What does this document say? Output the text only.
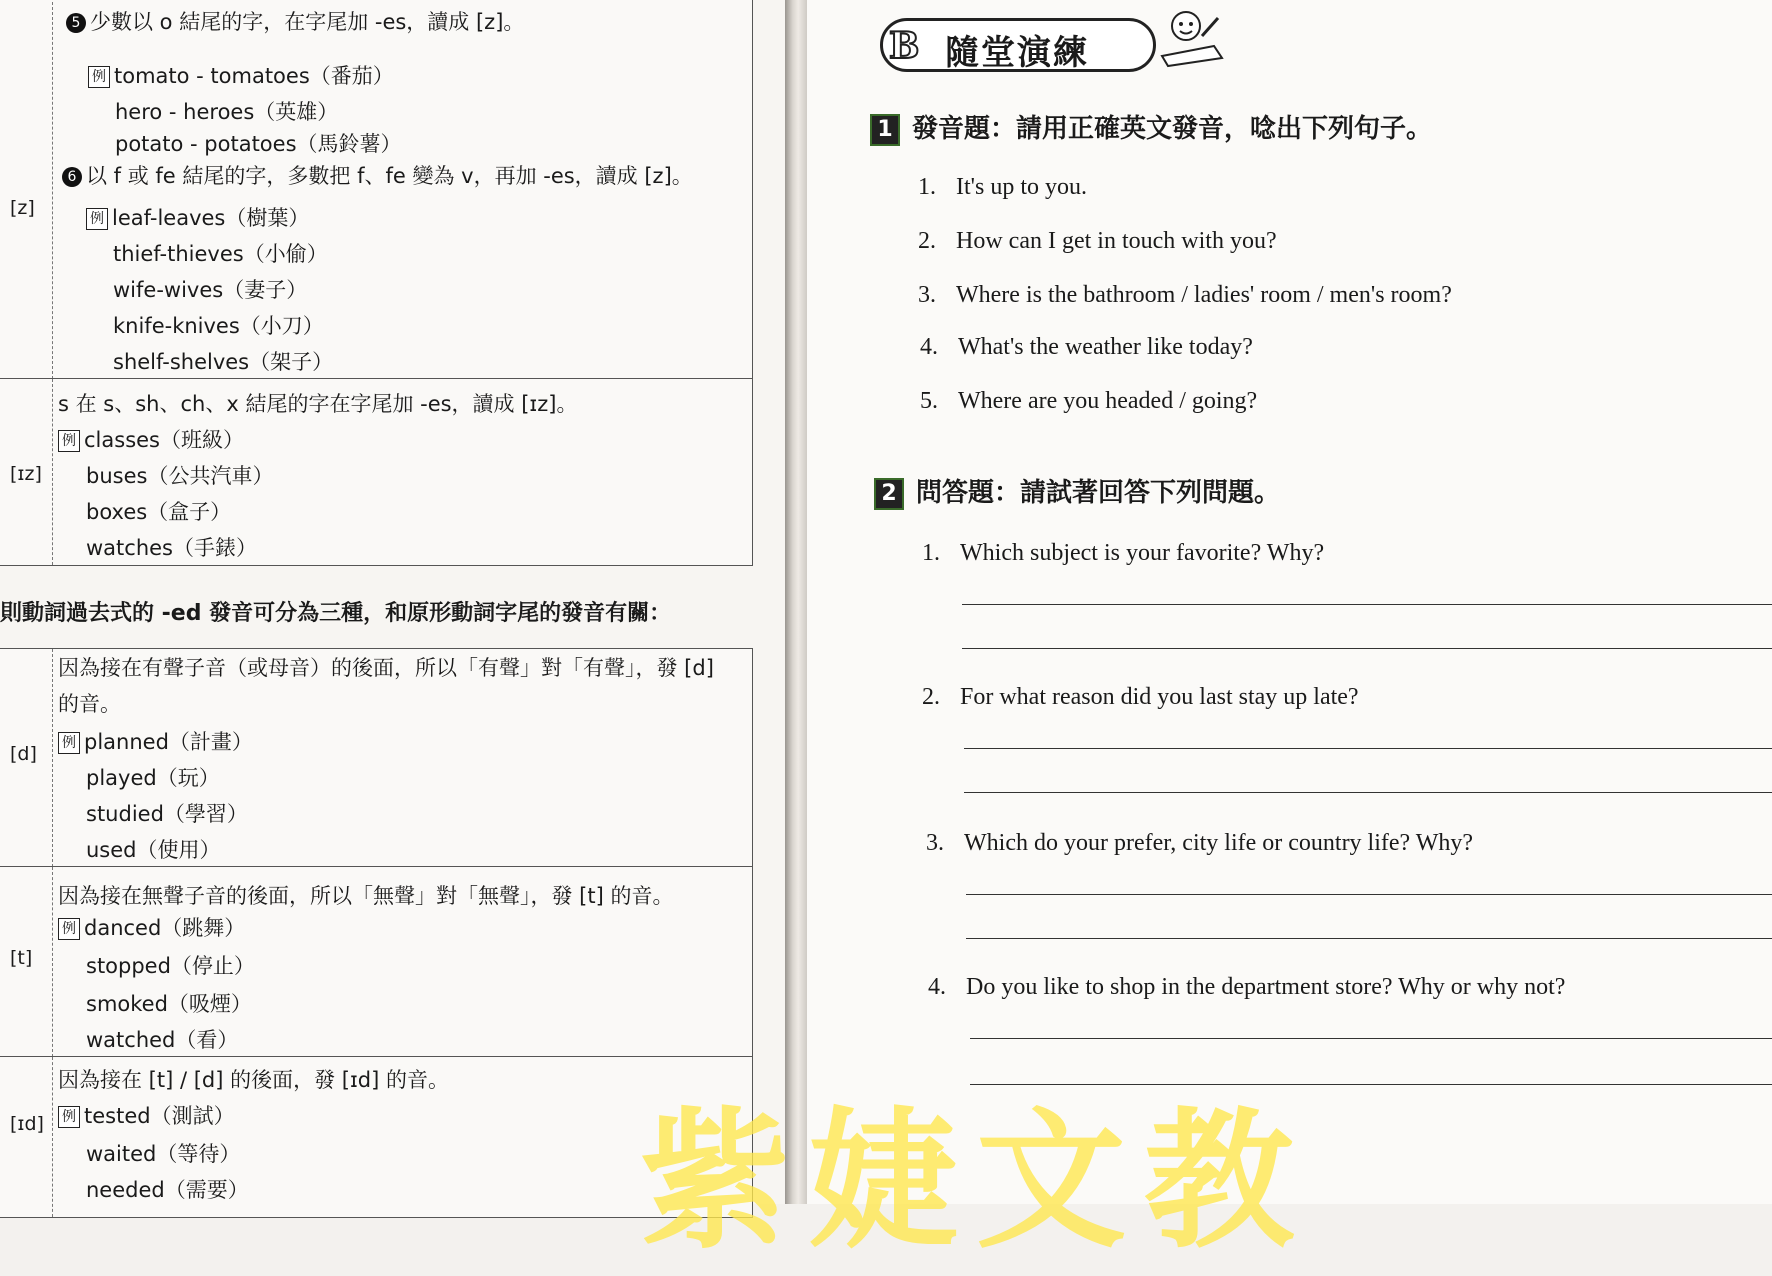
[z]
5 少數以 o 結尾的字，在字尾加 -es，讀成 [z]。
例 tomato - tomatoes（番茄）
hero - heroes（英雄）
potato - potatoes（馬鈴薯）
6 以 f 或 fe 結尾的字，多數把 f、fe 變為 v，再加 -es，讀成 [z]。
例 leaf-leaves（樹葉）
thief-thieves（小偷）
wife-wives（妻子）
knife-knives（小刀）
shelf-shelves（架子）
[ɪz]
s 在 s、sh、ch、x 結尾的字在字尾加 -es，讀成 [ɪz]。
例 classes（班級）
buses（公共汽車）
boxes（盒子）
watches（手錶）
則動詞過去式的 -ed 發音可分為三種，和原形動詞字尾的發音有關：
[d]
因為接在有聲子音（或母音）的後面，所以「有聲」對「有聲」，發 [d]
的音。
例 planned（計畫）
played（玩）
studied（學習）
used（使用）
[t]
因為接在無聲子音的後面，所以「無聲」對「無聲」，發 [t] 的音。
例 danced（跳舞）
stopped（停止）
smoked（吸煙）
watched（看）
[ɪd]
因為接在 [t] / [d] 的後面，發 [ɪd] 的音。
例 tested（測試）
waited（等待）
needed（需要）
B 隨堂演練
1 發音題：請用正確英文發音，唸出下列句子。
1. It's up to you.
2. How can I get in touch with you?
3. Where is the bathroom / ladies' room / men's room?
4. What's the weather like today?
5. Where are you headed / going?
2 問答題：請試著回答下列問題。
1. Which subject is your favorite? Why?
2. For what reason did you last stay up late?
3. Which do your prefer, city life or country life? Why?
4. Do you like to shop in the department store? Why or why not?
紫婕文教
